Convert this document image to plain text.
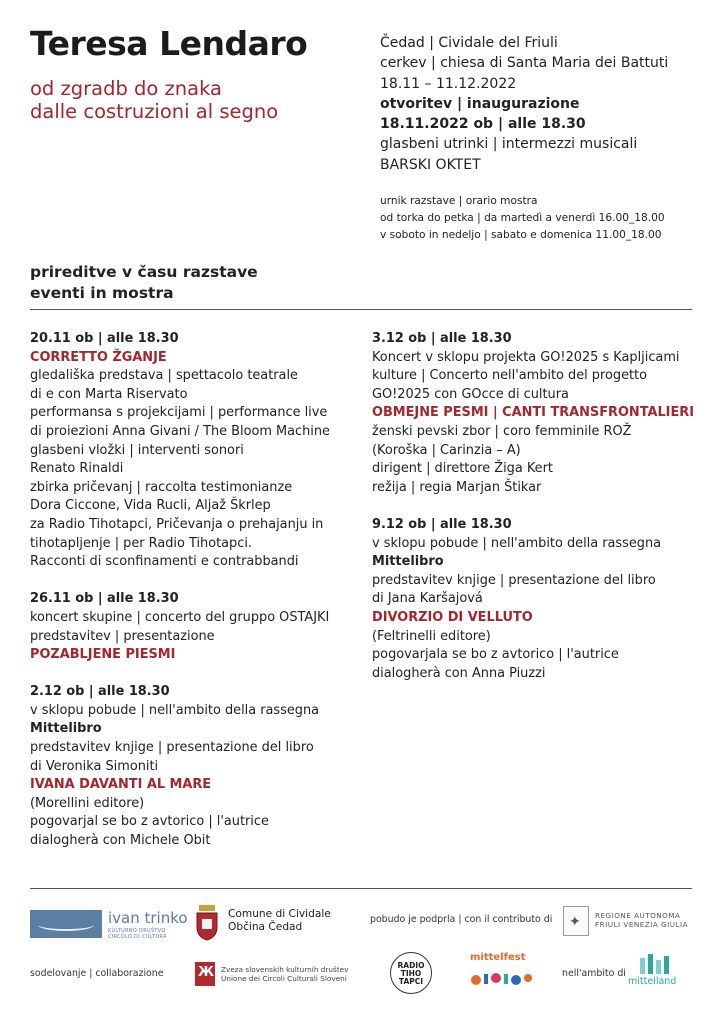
Teresa Lendaro
od zgradb do znaka
dalle costruzioni al segno
Čedad | Cividale del Friuli
cerkev | chiesa di Santa Maria dei Battuti
18.11 – 11.12.2022
otvoritev | inaugurazione
18.11.2022 ob | alle 18.30
glasbeni utrinki | intermezzi musicali
BARSKI OKTET
urnik razstave | orario mostra
od torka do petka | da martedì a venerdì 16.00_18.00
v soboto in nedeljo | sabato e domenica 11.00_18.00
prireditve v času razstave
eventi in mostra
20.11 ob | alle 18.30
CORRETTO ŽGANJE
gledališka predstava | spettacolo teatrale
di e con Marta Riservato
performansa s projekcijami | performance live
di proiezioni Anna Givani / The Bloom Machine
glasbeni vložki | interventi sonori
Renato Rinaldi
zbirka pričevanj | raccolta testimonianze
Dora Ciccone, Vida Rucli, Aljaž Škrlep
za Radio Tihotapci, Pričevanja o prehajanju in
tihotapljenje | per Radio Tihotapci.
Racconti di sconfinamenti e contrabbandi
26.11 ob | alle 18.30
koncert skupine | concerto del gruppo OSTAJKI
predstavitev | presentazione
POZABLJENE PIESMI
2.12 ob | alle 18.30
v sklopu pobude | nell'ambito della rassegna
Mittelibro
predstavitev knjige | presentazione del libro
di Veronika Simoniti
IVANA DAVANTI AL MARE
(Morellini editore)
pogovarjal se bo z avtorico | l'autrice
dialogherà con Michele Obit
3.12 ob | alle 18.30
Koncert v sklopu projekta GO!2025 s Kapljicami
kulture | Concerto nell'ambito del progetto
GO!2025 con GOcce di cultura
OBMEJNE PESMI | CANTI TRANSFRONTALIERI
ženski pevski zbor | coro femminile ROŽ
(Koroška | Carinzia – A)
dirigent | direttore Žiga Kert
režija | regia Marjan Štikar
9.12 ob | alle 18.30
v sklopu pobude | nell'ambito della rassegna
Mittelibro
predstavitev knjige | presentazione del libro
di Jana Karšajová
DIVORZIO DI VELLUTO
(Feltrinelli editore)
pogovarjala se bo z avtorico | l'autrice
dialogherà con Anna Piuzzi
ivan trinko
KULTURNO DRUŠTVO
CIRCOLO DI CULTURA
Comune di Cividale
Občina Čedad
pobudo je podprla | con il contributo di ✦ REGIONE AUTONOMA
FRIULI VENEZIA GIULIA
sodelovanje | collaborazione	Ж Zveza slovenskih kulturnih društev
Unione dei Circoli Culturali Sloveni
RADIO TIHO TAPCI
mittelfest
nell'ambito di
mittelland
